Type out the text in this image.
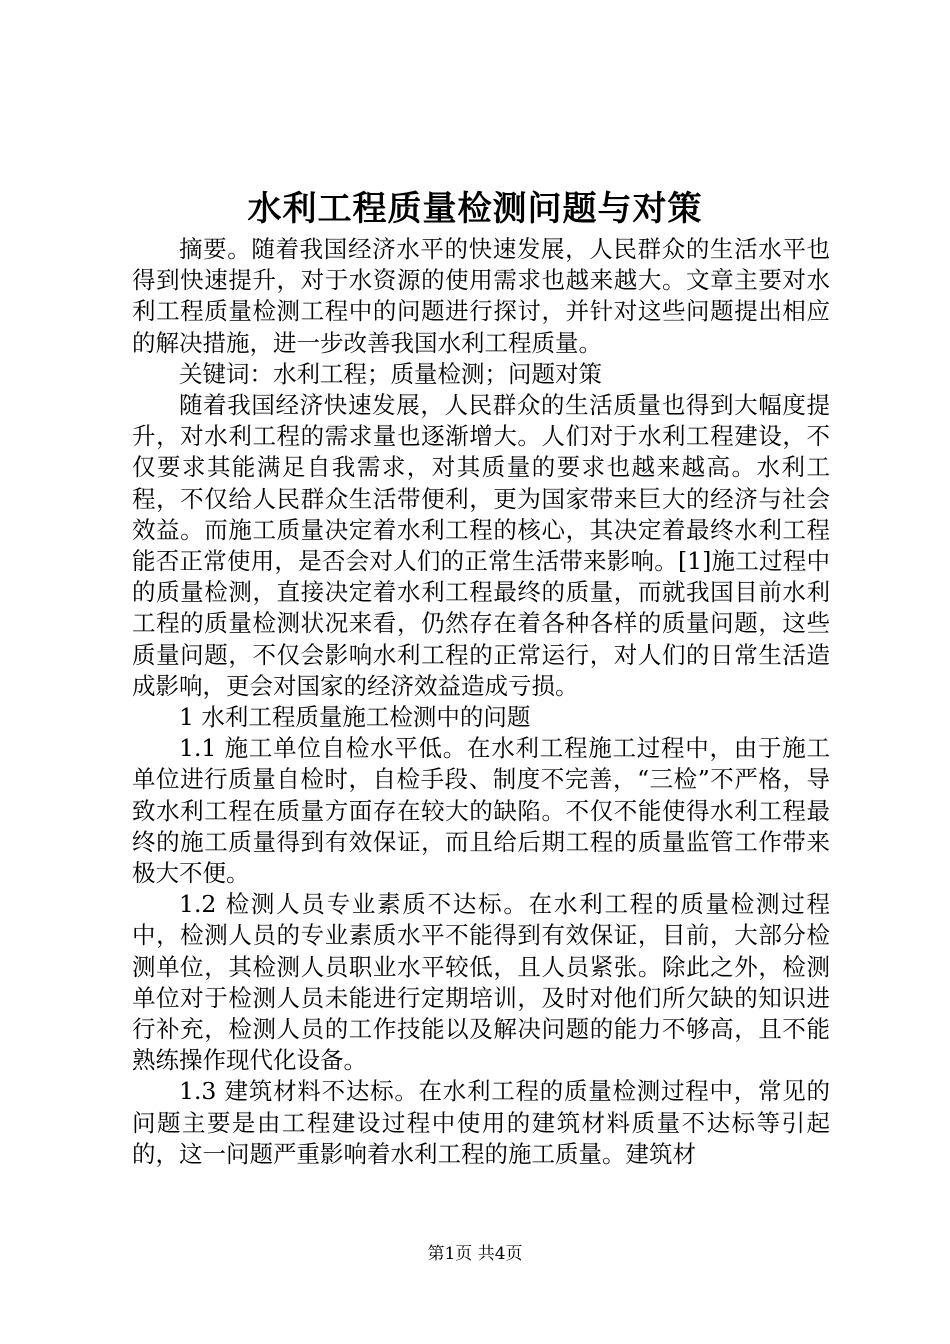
水利工程质量检测问题与对策

摘要。随着我国经济水平的快速发展，人民群众的生活水平也得到快速提升，对于水资源的使用需求也越来越大。文章主要对水利工程质量检测工程中的问题进行探讨，并针对这些问题提出相应的解决措施，进一步改善我国水利工程质量。

关键词：水利工程；质量检测；问题对策

随着我国经济快速发展，人民群众的生活质量也得到大幅度提升，对水利工程的需求量也逐渐增大。人们对于水利工程建设，不仅要求其能满足自我需求，对其质量的要求也越来越高。水利工程，不仅给人民群众生活带便利，更为国家带来巨大的经济与社会效益。而施工质量决定着水利工程的核心，其决定着最终水利工程能否正常使用，是否会对人们的正常生活带来影响。[1]施工过程中的质量检测，直接决定着水利工程最终的质量，而就我国目前水利工程的质量检测状况来看，仍然存在着各种各样的质量问题，这些质量问题，不仅会影响水利工程的正常运行，对人们的日常生活造成影响，更会对国家的经济效益造成亏损。

1 水利工程质量施工检测中的问题

1.1 施工单位自检水平低。在水利工程施工过程中，由于施工单位进行质量自检时，自检手段、制度不完善，“三检”不严格，导致水利工程在质量方面存在较大的缺陷。不仅不能使得水利工程最终的施工质量得到有效保证，而且给后期工程的质量监管工作带来极大不便。

1.2 检测人员专业素质不达标。在水利工程的质量检测过程中，检测人员的专业素质水平不能得到有效保证，目前，大部分检测单位，其检测人员职业水平较低，且人员紧张。除此之外，检测单位对于检测人员未能进行定期培训，及时对他们所欠缺的知识进行补充，检测人员的工作技能以及解决问题的能力不够高，且不能熟练操作现代化设备。

1.3 建筑材料不达标。在水利工程的质量检测过程中，常见的问题主要是由工程建设过程中使用的建筑材料质量不达标等引起的，这一问题严重影响着水利工程的施工质量。建筑材

第1页 共4页
